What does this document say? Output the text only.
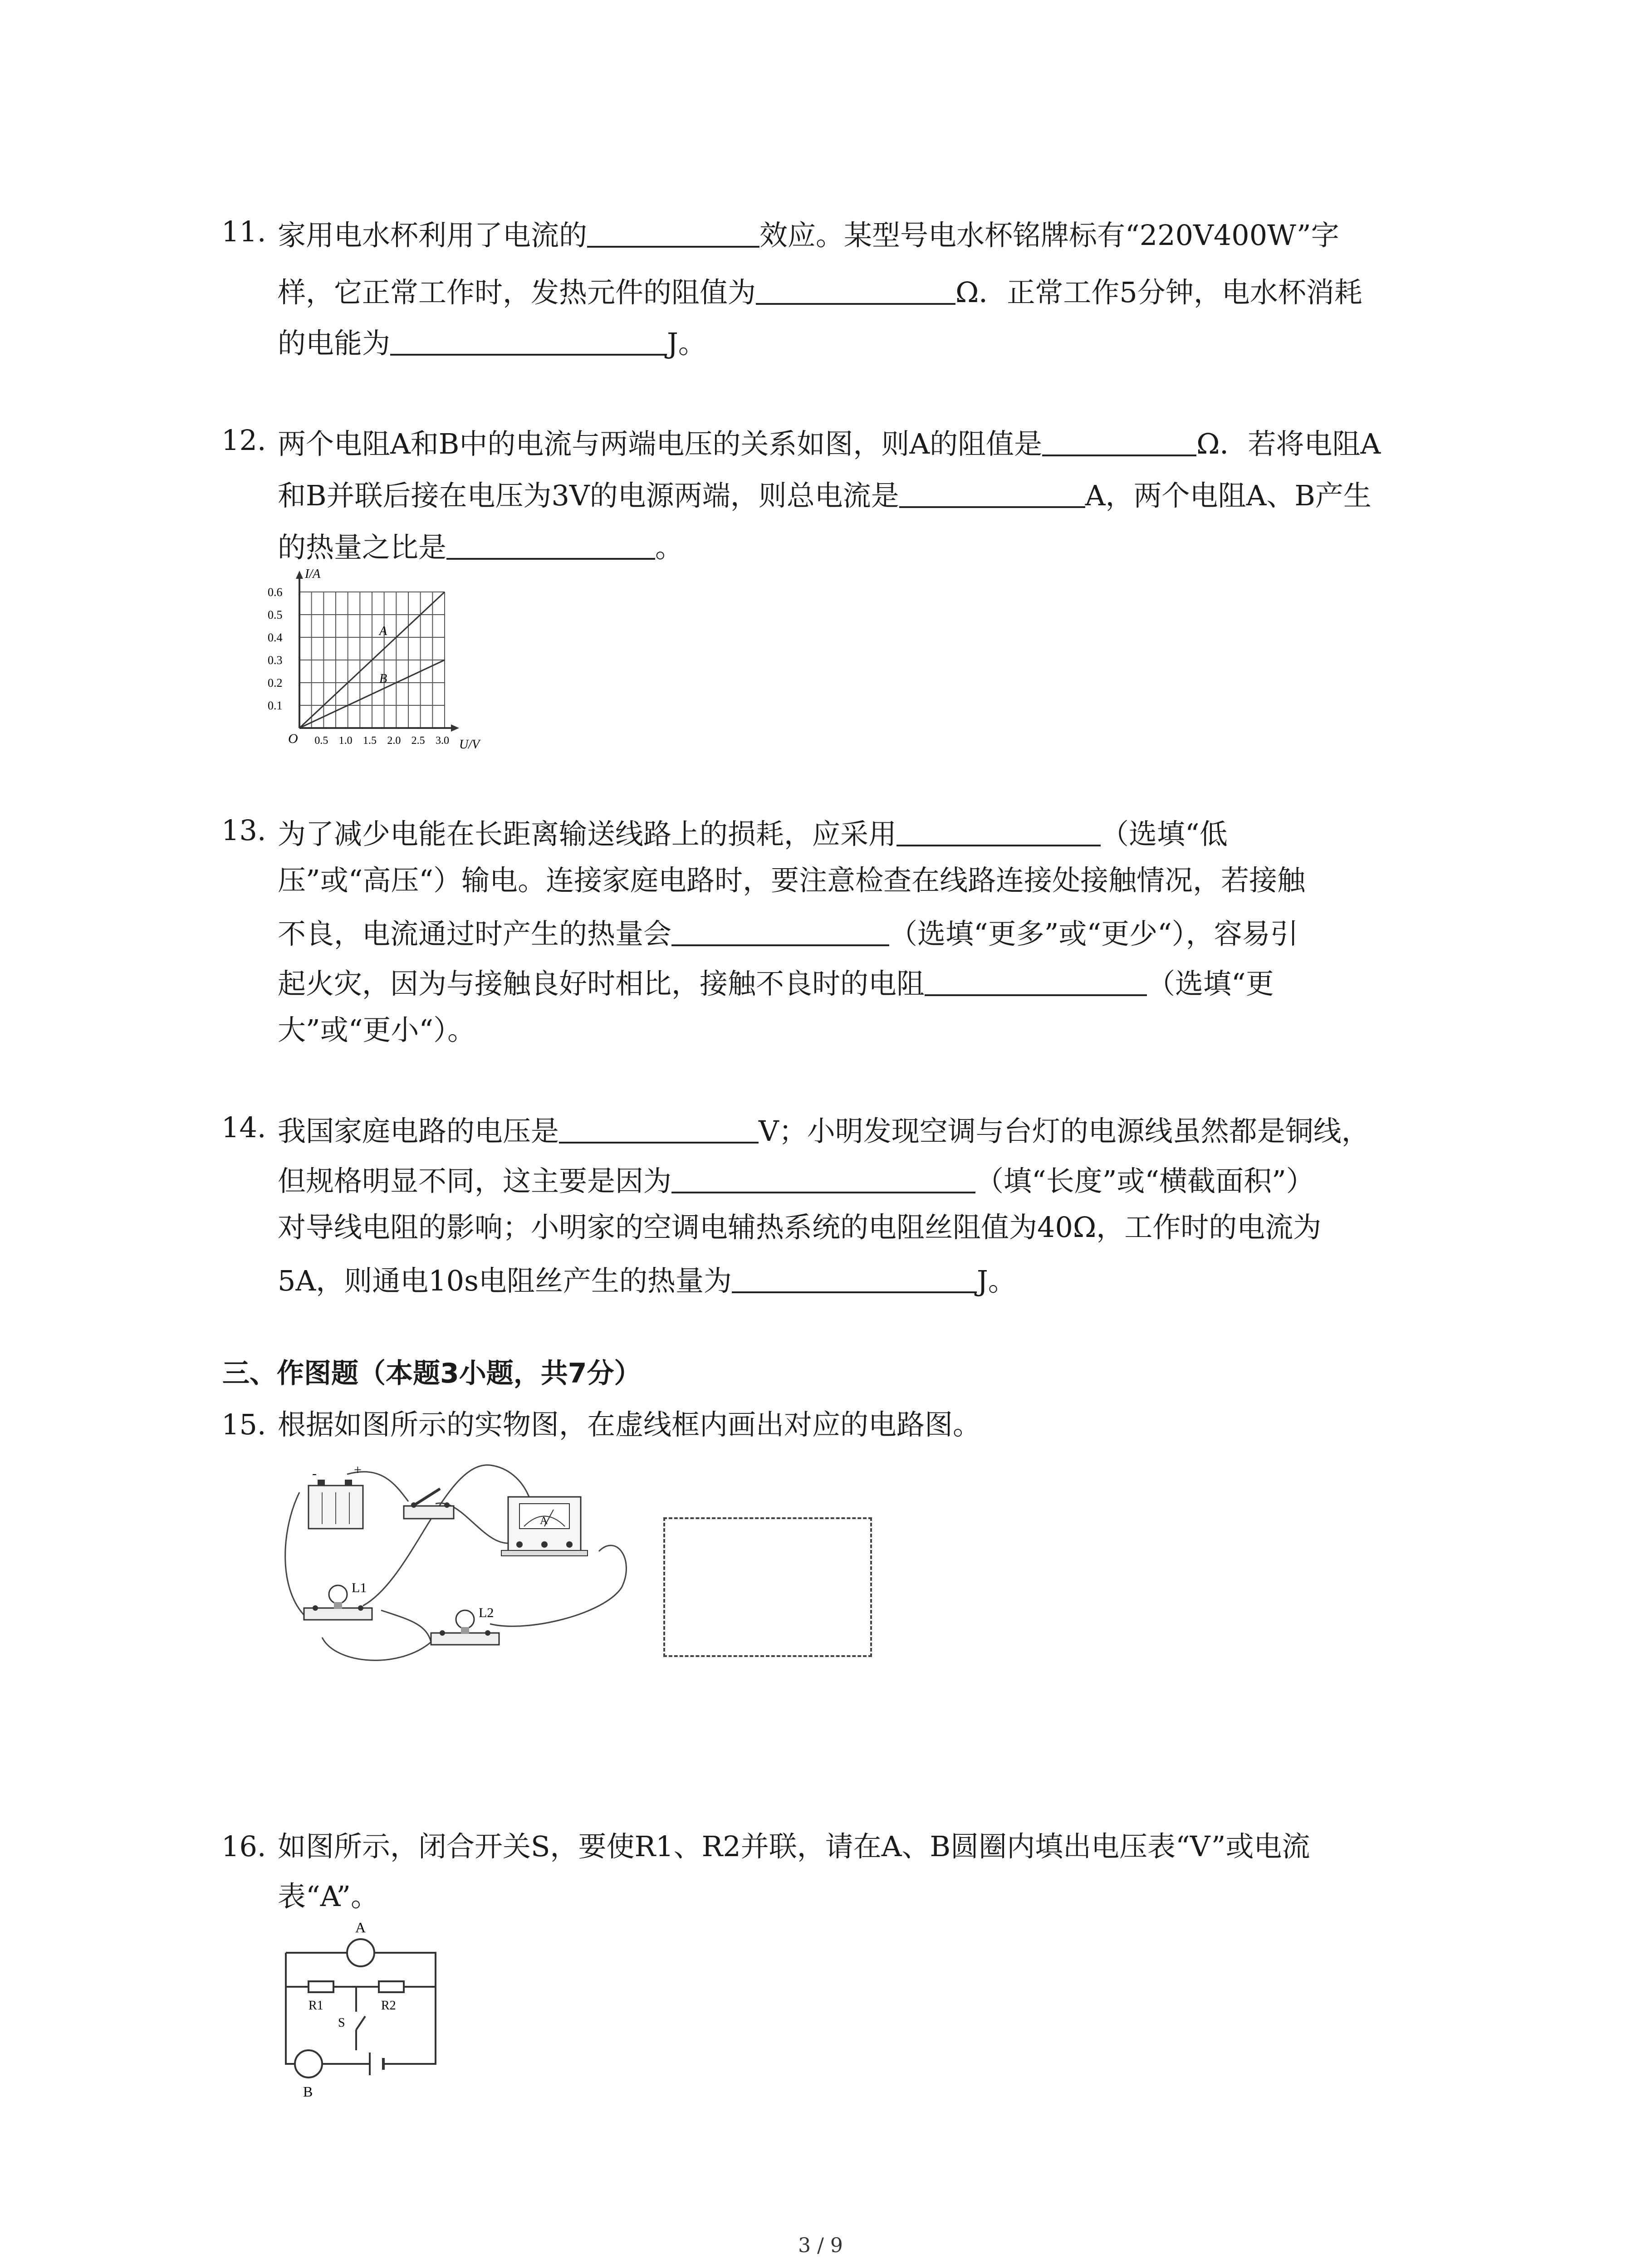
11. 家用电水杯利用了电流的	效应。某型号电水杯铭牌标有“220V400W”字
样，它正常工作时，发热元件的阻值为	Ω．正常工作5分钟，电水杯消耗
的电能为	J。
12. 两个电阻A和B中的电流与两端电压的关系如图，则A的阻值是	Ω．若将电阻A
和B并联后接在电压为3V的电源两端，则总电流是	A，两个电阻A、B产生
的热量之比是	。
0.6
0.5
0.4
0.3
0.2
0.1
0.5 1.0 1.5 2.0 2.5 3.0
I/A
U/V
O
A
B
13. 为了减少电能在长距离输送线路上的损耗，应采用	（选填“低
压”或“高压“）输电。连接家庭电路时，要注意检查在线路连接处接触情况，若接触
不良，电流通过时产生的热量会	（选填“更多”或“更少“），容易引
起火灾，因为与接触良好时相比，接触不良时的电阻	（选填“更
大”或“更小“）。
14. 我国家庭电路的电压是	V；小明发现空调与台灯的电源线虽然都是铜线，
但规格明显不同，这主要是因为	（填“长度”或“横截面积”）
对导线电阻的影响；小明家的空调电辅热系统的电阻丝阻值为40Ω，工作时的电流为
5A，则通电10s电阻丝产生的热量为	J。
三、作图题（本题3小题，共7分）
15. 根据如图所示的实物图，在虚线框内画出对应的电路图。
-	+
A
L1
L2
16. 如图所示，闭合开关S，要使R1、R2并联，请在A、B圆圈内填出电压表“V”或电流
表“A”。
A
R1	R2
S
B
3 / 9
